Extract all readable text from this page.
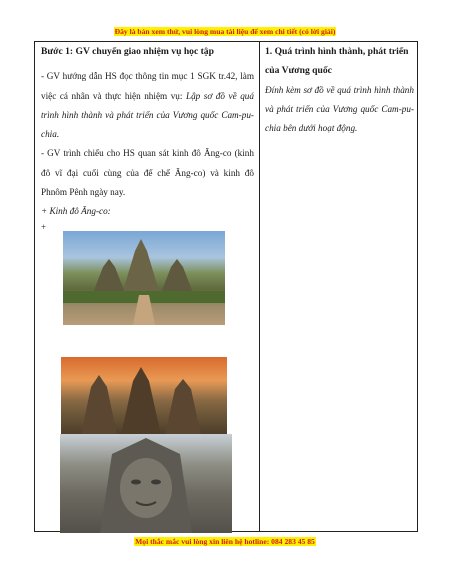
Đây là bản xem thử, vui lòng mua tài liệu để xem chi tiết (có lời giải)
Bước 1: GV chuyển giao nhiệm vụ học tập

- GV hướng dẫn HS đọc thông tin mục 1 SGK tr.42, làm việc cá nhân và thực hiện nhiệm vụ: Lập sơ đồ về quá trình hình thành và phát triển của Vương quốc Cam-pu-chia.

- GV trình chiếu cho HS quan sát kinh đô Ăng-co (kinh đô vĩ đại cuối cùng của đế chế Ăng-co) và kinh đô Phnôm Pênh ngày nay.

+ Kinh đô Ăng-co:

+
1. Quá trình hình thành, phát triển của Vương quốc

Đính kèm sơ đồ về quá trình hình thành và phát triển của Vương quốc Cam-pu-chia bên dưới hoạt động.

Mọi thắc mắc vui lòng xin liên hệ hotline: 084 283 45 85
